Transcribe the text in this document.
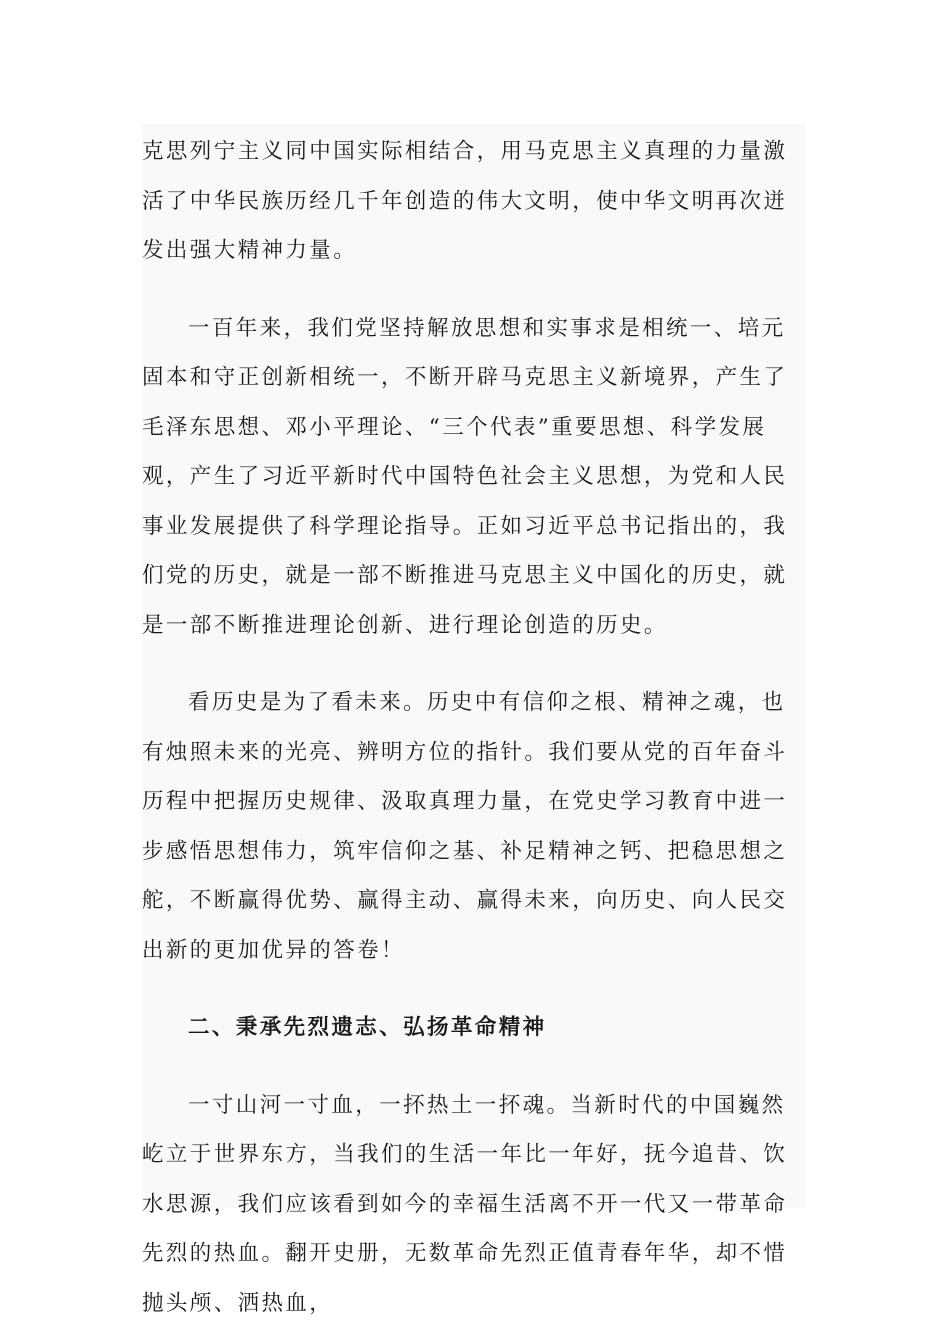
克思列宁主义同中国实际相结合，用马克思主义真理的力量激活了中华民族历经几千年创造的伟大文明，使中华文明再次迸发出强大精神力量。

一百年来，我们党坚持解放思想和实事求是相统一、培元固本和守正创新相统一，不断开辟马克思主义新境界，产生了毛泽东思想、邓小平理论、“三个代表”重要思想、科学发展观，产生了习近平新时代中国特色社会主义思想，为党和人民事业发展提供了科学理论指导。正如习近平总书记指出的，我们党的历史，就是一部不断推进马克思主义中国化的历史，就是一部不断推进理论创新、进行理论创造的历史。

看历史是为了看未来。历史中有信仰之根、精神之魂，也有烛照未来的光亮、辨明方位的指针。我们要从党的百年奋斗历程中把握历史规律、汲取真理力量，在党史学习教育中进一步感悟思想伟力，筑牢信仰之基、补足精神之钙、把稳思想之舵，不断赢得优势、赢得主动、赢得未来，向历史、向人民交出新的更加优异的答卷！

二、秉承先烈遗志、弘扬革命精神

一寸山河一寸血，一抔热土一抔魂。当新时代的中国巍然屹立于世界东方，当我们的生活一年比一年好，抚今追昔、饮水思源，我们应该看到如今的幸福生活离不开一代又一带革命先烈的热血。翻开史册，无数革命先烈正值青春年华，却不惜抛头颅、洒热血，
